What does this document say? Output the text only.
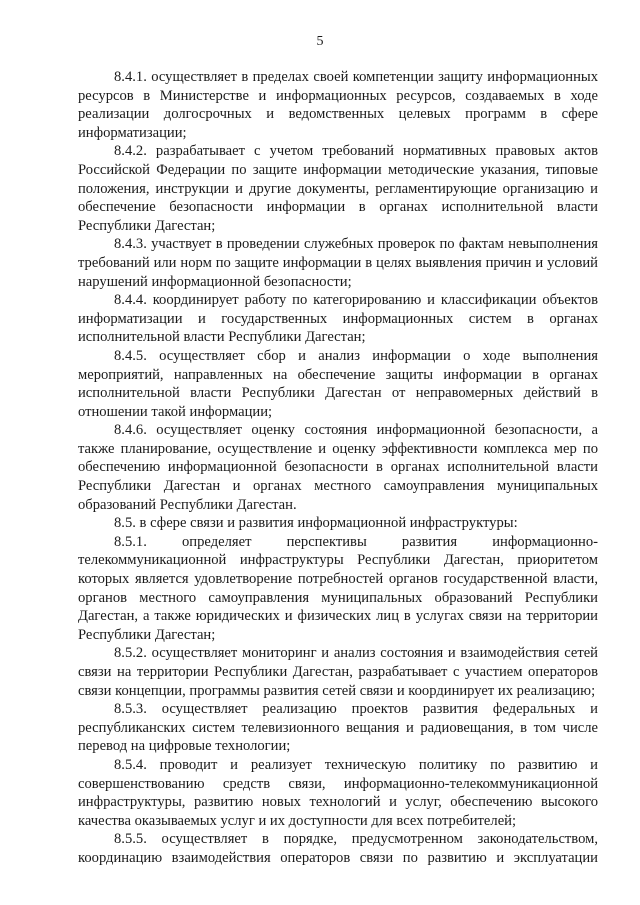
5

8.4.1. осуществляет в пределах своей компетенции защиту информационных ресурсов в Министерстве и информационных ресурсов, создаваемых в ходе реализации долгосрочных и ведомственных целевых программ в сфере информатизации;

8.4.2. разрабатывает с учетом требований нормативных правовых актов Российской Федерации по защите информации методические указания, типовые положения, инструкции и другие документы, регламентирующие организацию и обеспечение безопасности информации в органах исполнительной власти Республики Дагестан;

8.4.3. участвует в проведении служебных проверок по фактам невыполнения требований или норм по защите информации в целях выявления причин и условий нарушений информационной безопасности;

8.4.4. координирует работу по категорированию и классификации объектов информатизации и государственных информационных систем в органах исполнительной власти Республики Дагестан;

8.4.5. осуществляет сбор и анализ информации о ходе выполнения мероприятий, направленных на обеспечение защиты информации в органах исполнительной власти Республики Дагестан от неправомерных действий в отношении такой информации;

8.4.6. осуществляет оценку состояния информационной безопасности, а также планирование, осуществление и оценку эффективности комплекса мер по обеспечению информационной безопасности в органах исполнительной власти Республики Дагестан и органах местного самоуправления муниципальных образований Республики Дагестан.

8.5. в сфере связи и развития информационной инфраструктуры:

8.5.1. определяет перспективы развития информационно-телекоммуникационной инфраструктуры Республики Дагестан, приоритетом которых является удовлетворение потребностей органов государственной власти, органов местного самоуправления муниципальных образований Республики Дагестан, а также юридических и физических лиц в услугах связи на территории Республики Дагестан;

8.5.2. осуществляет мониторинг и анализ состояния и взаимодействия сетей связи на территории Республики Дагестан, разрабатывает с участием операторов связи концепции, программы развития сетей связи и координирует их реализацию;

8.5.3. осуществляет реализацию проектов развития федеральных и республиканских систем телевизионного вещания и радиовещания, в том числе перевод на цифровые технологии;

8.5.4. проводит и реализует техническую политику по развитию и совершенствованию средств связи, информационно-телекоммуникационной инфраструктуры, развитию новых технологий и услуг, обеспечению высокого качества оказываемых услуг и их доступности для всех потребителей;

8.5.5. осуществляет в порядке, предусмотренном законодательством, координацию взаимодействия операторов связи по развитию и эксплуатации
